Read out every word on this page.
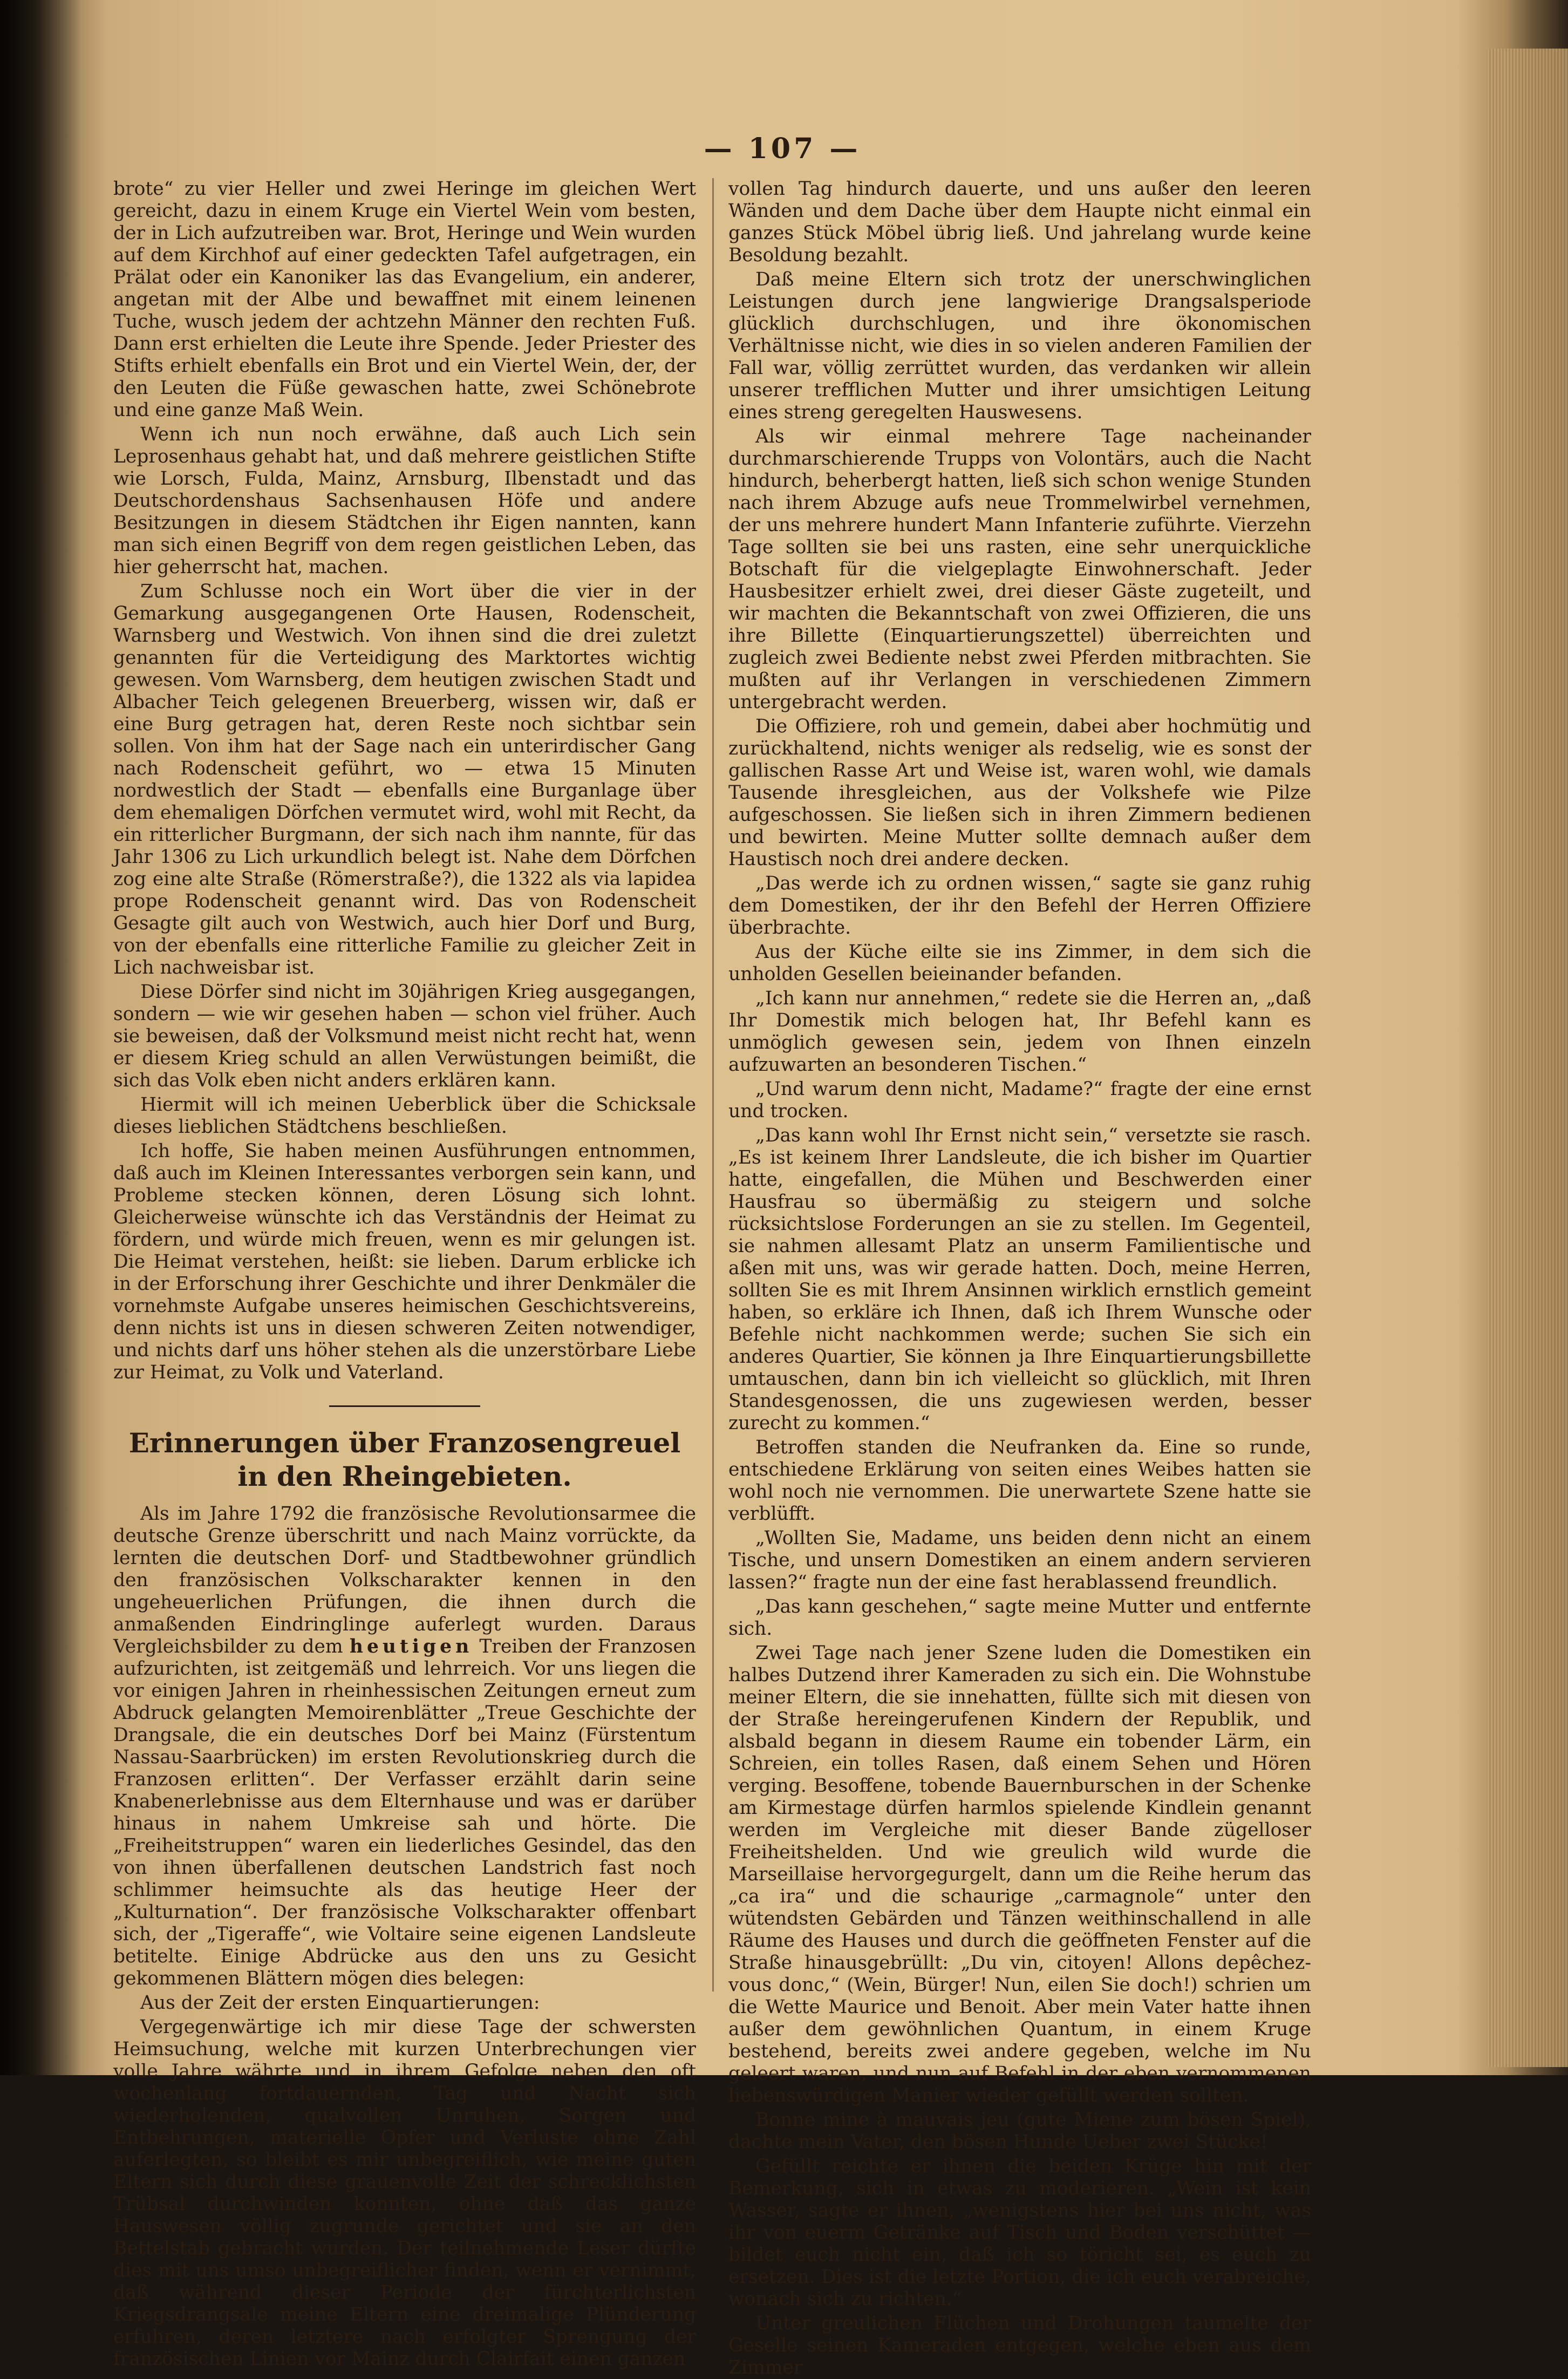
— 107 —

brote“ zu vier Heller und zwei Heringe im gleichen Wert gereicht, dazu in einem Kruge ein Viertel Wein vom besten, der in Lich aufzutreiben war. Brot, Heringe und Wein wurden auf dem Kirchhof auf einer gedeckten Tafel aufgetragen, ein Prälat oder ein Kanoniker las das Evangelium, ein anderer, angetan mit der Albe und bewaffnet mit einem leinenen Tuche, wusch jedem der achtzehn Männer den rechten Fuß. Dann erst erhielten die Leute ihre Spende. Jeder Priester des Stifts erhielt ebenfalls ein Brot und ein Viertel Wein, der, der den Leuten die Füße gewaschen hatte, zwei Schönebrote und eine ganze Maß Wein.

Wenn ich nun noch erwähne, daß auch Lich sein Leprosenhaus gehabt hat, und daß mehrere geistlichen Stifte wie Lorsch, Fulda, Mainz, Arnsburg, Ilbenstadt und das Deutschordenshaus Sachsenhausen Höfe und andere Besitzungen in diesem Städtchen ihr Eigen nannten, kann man sich einen Begriff von dem regen geistlichen Leben, das hier geherrscht hat, machen.

Zum Schlusse noch ein Wort über die vier in der Gemarkung ausgegangenen Orte Hausen, Rodenscheit, Warnsberg und Westwich. Von ihnen sind die drei zuletzt genannten für die Verteidigung des Marktortes wichtig gewesen. Vom Warnsberg, dem heutigen zwischen Stadt und Albacher Teich gelegenen Breuerberg, wissen wir, daß er eine Burg getragen hat, deren Reste noch sichtbar sein sollen. Von ihm hat der Sage nach ein unterirdischer Gang nach Rodenscheit geführt, wo — etwa 15 Minuten nordwestlich der Stadt — ebenfalls eine Burganlage über dem ehemaligen Dörfchen vermutet wird, wohl mit Recht, da ein ritterlicher Burgmann, der sich nach ihm nannte, für das Jahr 1306 zu Lich urkundlich belegt ist. Nahe dem Dörfchen zog eine alte Straße (Römerstraße?), die 1322 als via lapidea prope Rodenscheit genannt wird. Das von Rodenscheit Gesagte gilt auch von Westwich, auch hier Dorf und Burg, von der ebenfalls eine ritterliche Familie zu gleicher Zeit in Lich nachweisbar ist.

Diese Dörfer sind nicht im 30jährigen Krieg ausgegangen, sondern — wie wir gesehen haben — schon viel früher. Auch sie beweisen, daß der Volksmund meist nicht recht hat, wenn er diesem Krieg schuld an allen Verwüstungen beimißt, die sich das Volk eben nicht anders erklären kann.

Hiermit will ich meinen Ueberblick über die Schicksale dieses lieblichen Städtchens beschließen.

Ich hoffe, Sie haben meinen Ausführungen entnommen, daß auch im Kleinen Interessantes verborgen sein kann, und Probleme stecken können, deren Lösung sich lohnt. Gleicherweise wünschte ich das Verständnis der Heimat zu fördern, und würde mich freuen, wenn es mir gelungen ist. Die Heimat verstehen, heißt: sie lieben. Darum erblicke ich in der Erforschung ihrer Geschichte und ihrer Denkmäler die vornehmste Aufgabe unseres heimischen Geschichtsvereins, denn nichts ist uns in diesen schweren Zeiten notwendiger, und nichts darf uns höher stehen als die unzerstörbare Liebe zur Heimat, zu Volk und Vaterland.

Erinnerungen über Franzosengreuel in den Rheingebieten.

Als im Jahre 1792 die französische Revolutionsarmee die deutsche Grenze überschritt und nach Mainz vorrückte, da lernten die deutschen Dorf- und Stadtbewohner gründlich den französischen Volkscharakter kennen in den ungeheuerlichen Prüfungen, die ihnen durch die anmaßenden Eindringlinge auferlegt wurden. Daraus Vergleichsbilder zu dem heutigen Treiben der Franzosen aufzurichten, ist zeitgemäß und lehrreich. Vor uns liegen die vor einigen Jahren in rheinhessischen Zeitungen erneut zum Abdruck gelangten Memoirenblätter „Treue Geschichte der Drangsale, die ein deutsches Dorf bei Mainz (Fürstentum Nassau-Saarbrücken) im ersten Revolutionskrieg durch die Franzosen erlitten“. Der Verfasser erzählt darin seine Knabenerlebnisse aus dem Elternhause und was er darüber hinaus in nahem Umkreise sah und hörte. Die „Freiheitstruppen“ waren ein liederliches Gesindel, das den von ihnen überfallenen deutschen Landstrich fast noch schlimmer heimsuchte als das heutige Heer der „Kulturnation“. Der französische Volkscharakter offenbart sich, der „Tigeraffe“, wie Voltaire seine eigenen Landsleute betitelte. Einige Abdrücke aus den uns zu Gesicht gekommenen Blättern mögen dies belegen:

Aus der Zeit der ersten Einquartierungen:

Vergegenwärtige ich mir diese Tage der schwersten Heimsuchung, welche mit kurzen Unterbrechungen vier volle Jahre währte und in ihrem Gefolge neben den oft wochenlang fortdauernden, Tag und Nacht sich wiederholenden, qualvollen Unruhen, Sorgen und Entbehrungen, materielle Opfer und Verluste ohne Zahl auferlegten, so bleibt es mir unbegreiflich, wie meine guten Eltern sich durch diese grauenvolle Zeit der schrecklichsten Trübsal durchwinden konnten, ohne daß das ganze Hauswesen völlig zugrunde gerichtet und sie an den Bettelstab gebracht wurden. Der teilnehmende Leser dürfte dies mit uns umso unbegreiflicher finden, wenn er vernimmt, daß während dieser Periode der fürchterlichsten Kriegsdrangsale meine Eltern eine dreimalige Plünderung erfuhren, deren letztere nach erfolgter Sprengung der französischen Linien vor Mainz durch Clairfait einen ganzen

vollen Tag hindurch dauerte, und uns außer den leeren Wänden und dem Dache über dem Haupte nicht einmal ein ganzes Stück Möbel übrig ließ. Und jahrelang wurde keine Besoldung bezahlt.

Daß meine Eltern sich trotz der unerschwinglichen Leistungen durch jene langwierige Drangsalsperiode glücklich durchschlugen, und ihre ökonomischen Verhältnisse nicht, wie dies in so vielen anderen Familien der Fall war, völlig zerrüttet wurden, das verdanken wir allein unserer trefflichen Mutter und ihrer umsichtigen Leitung eines streng geregelten Hauswesens.

Als wir einmal mehrere Tage nacheinander durchmarschierende Trupps von Volontärs, auch die Nacht hindurch, beherbergt hatten, ließ sich schon wenige Stunden nach ihrem Abzuge aufs neue Trommelwirbel vernehmen, der uns mehrere hundert Mann Infanterie zuführte. Vierzehn Tage sollten sie bei uns rasten, eine sehr unerquickliche Botschaft für die vielgeplagte Einwohnerschaft. Jeder Hausbesitzer erhielt zwei, drei dieser Gäste zugeteilt, und wir machten die Bekanntschaft von zwei Offizieren, die uns ihre Billette (Einquartierungszettel) überreichten und zugleich zwei Bediente nebst zwei Pferden mitbrachten. Sie mußten auf ihr Verlangen in verschiedenen Zimmern untergebracht werden.

Die Offiziere, roh und gemein, dabei aber hochmütig und zurückhaltend, nichts weniger als redselig, wie es sonst der gallischen Rasse Art und Weise ist, waren wohl, wie damals Tausende ihresgleichen, aus der Volkshefe wie Pilze aufgeschossen. Sie ließen sich in ihren Zimmern bedienen und bewirten. Meine Mutter sollte demnach außer dem Haustisch noch drei andere decken.

„Das werde ich zu ordnen wissen,“ sagte sie ganz ruhig dem Domestiken, der ihr den Befehl der Herren Offiziere überbrachte.

Aus der Küche eilte sie ins Zimmer, in dem sich die unholden Gesellen beieinander befanden.

„Ich kann nur annehmen,“ redete sie die Herren an, „daß Ihr Domestik mich belogen hat, Ihr Befehl kann es unmöglich gewesen sein, jedem von Ihnen einzeln aufzuwarten an besonderen Tischen.“

„Und warum denn nicht, Madame?“ fragte der eine ernst und trocken.

„Das kann wohl Ihr Ernst nicht sein,“ versetzte sie rasch. „Es ist keinem Ihrer Landsleute, die ich bisher im Quartier hatte, eingefallen, die Mühen und Beschwerden einer Hausfrau so übermäßig zu steigern und solche rücksichtslose Forderungen an sie zu stellen. Im Gegenteil, sie nahmen allesamt Platz an unserm Familientische und aßen mit uns, was wir gerade hatten. Doch, meine Herren, sollten Sie es mit Ihrem Ansinnen wirklich ernstlich gemeint haben, so erkläre ich Ihnen, daß ich Ihrem Wunsche oder Befehle nicht nachkommen werde; suchen Sie sich ein anderes Quartier, Sie können ja Ihre Einquartierungsbillette umtauschen, dann bin ich vielleicht so glücklich, mit Ihren Standesgenossen, die uns zugewiesen werden, besser zurecht zu kommen.“

Betroffen standen die Neufranken da. Eine so runde, entschiedene Erklärung von seiten eines Weibes hatten sie wohl noch nie vernommen. Die unerwartete Szene hatte sie verblüfft.

„Wollten Sie, Madame, uns beiden denn nicht an einem Tische, und unsern Domestiken an einem andern servieren lassen?“ fragte nun der eine fast herablassend freundlich.

„Das kann geschehen,“ sagte meine Mutter und entfernte sich.

Zwei Tage nach jener Szene luden die Domestiken ein halbes Dutzend ihrer Kameraden zu sich ein. Die Wohnstube meiner Eltern, die sie innehatten, füllte sich mit diesen von der Straße hereingerufenen Kindern der Republik, und alsbald begann in diesem Raume ein tobender Lärm, ein Schreien, ein tolles Rasen, daß einem Sehen und Hören verging. Besoffene, tobende Bauernburschen in der Schenke am Kirmestage dürfen harmlos spielende Kindlein genannt werden im Vergleiche mit dieser Bande zügelloser Freiheitshelden. Und wie greulich wild wurde die Marseillaise hervorgegurgelt, dann um die Reihe herum das „ca ira“ und die schaurige „carmagnole“ unter den wütendsten Gebärden und Tänzen weithinschallend in alle Räume des Hauses und durch die geöffneten Fenster auf die Straße hinausgebrüllt: „Du vin, citoyen! Allons depêchez-vous donc,“ (Wein, Bürger! Nun, eilen Sie doch!) schrien um die Wette Maurice und Benoit. Aber mein Vater hatte ihnen außer dem gewöhnlichen Quantum, in einem Kruge bestehend, bereits zwei andere gegeben, welche im Nu geleert waren, und nun auf Befehl in der eben vernommenen liebenswürdigen Manier wieder gefüllt werden sollten.

Bonne mine à mauvais jeu (gute Miene zum bösen Spiel), dachte mein Vater, den bösen Hunde Ueber zwei Stücke!

Gefüllt reichte er ihnen die beiden Krüge hin mit der Bemerkung, sich in etwas zu moderieren. „Wein ist kein Wasser, sagte er ihnen, „wenigstens hier bei uns nicht, was ihr von euerm Getränke auf Tisch und Boden verschüttet — bildet euch nicht ein, daß ich so töricht sei, es euch zu ersetzen. Dies ist die letzte Portion, die ich euch verabreiche, wonach sich zu richten.“

Unter greulichen Flüchen und Drohungen taumelte der Geselle seinen Kameraden entgegen, welche eben aus dem Zimmer
